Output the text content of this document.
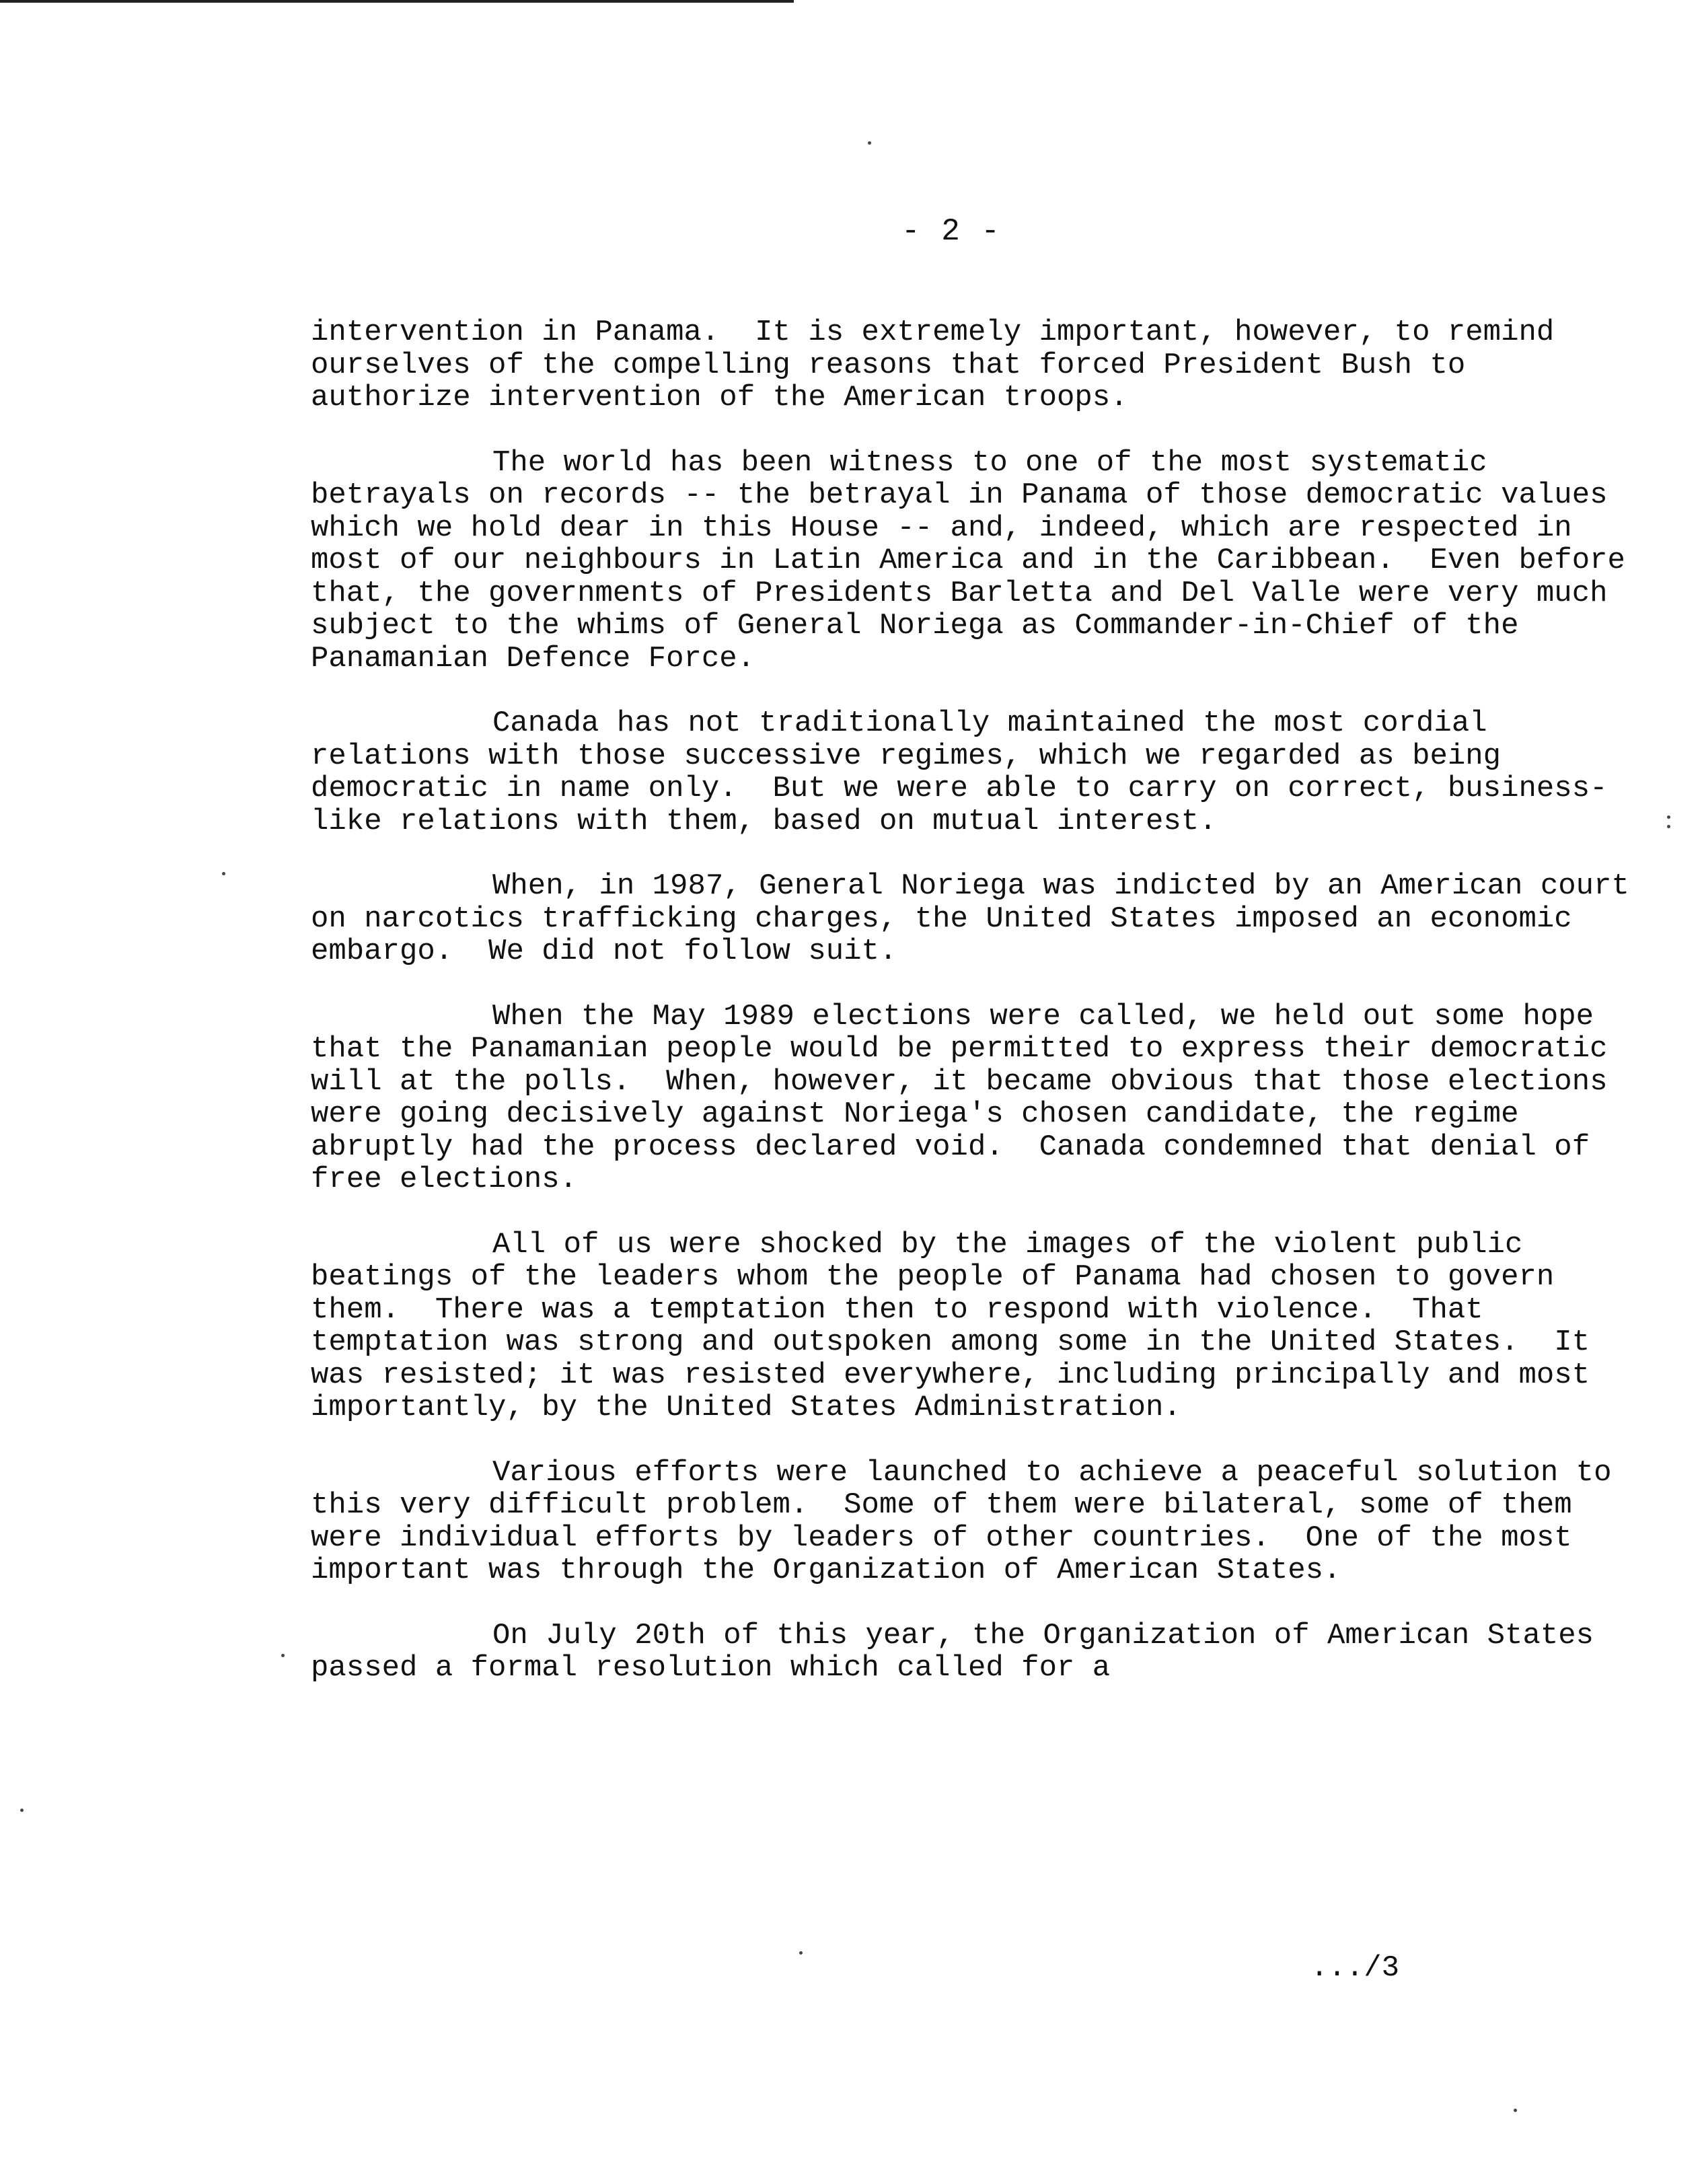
- 2 -

intervention in Panama.  It is extremely important, however, to remind ourselves of the compelling reasons that forced President Bush to authorize intervention of the American troops.

The world has been witness to one of the most systematic betrayals on records -- the betrayal in Panama of those democratic values which we hold dear in this House -- and, indeed, which are respected in most of our neighbours in Latin America and in the Caribbean.  Even before that, the governments of Presidents Barletta and Del Valle were very much subject to the whims of General Noriega as Commander-in-Chief of the Panamanian Defence Force.

Canada has not traditionally maintained the most cordial relations with those successive regimes, which we regarded as being democratic in name only.  But we were able to carry on correct, business-like relations with them, based on mutual interest.

When, in 1987, General Noriega was indicted by an American court on narcotics trafficking charges, the United States imposed an economic embargo.  We did not follow suit.

When the May 1989 elections were called, we held out some hope that the Panamanian people would be permitted to express their democratic will at the polls.  When, however, it became obvious that those elections were going decisively against Noriega's chosen candidate, the regime abruptly had the process declared void.  Canada condemned that denial of free elections.

All of us were shocked by the images of the violent public beatings of the leaders whom the people of Panama had chosen to govern them.  There was a temptation then to respond with violence.  That temptation was strong and outspoken among some in the United States.  It was resisted; it was resisted everywhere, including principally and most importantly, by the United States Administration.

Various efforts were launched to achieve a peaceful solution to this very difficult problem.  Some of them were bilateral, some of them were individual efforts by leaders of other countries.  One of the most important was through the Organization of American States.

On July 20th of this year, the Organization of American States passed a formal resolution which called for a

.../3
